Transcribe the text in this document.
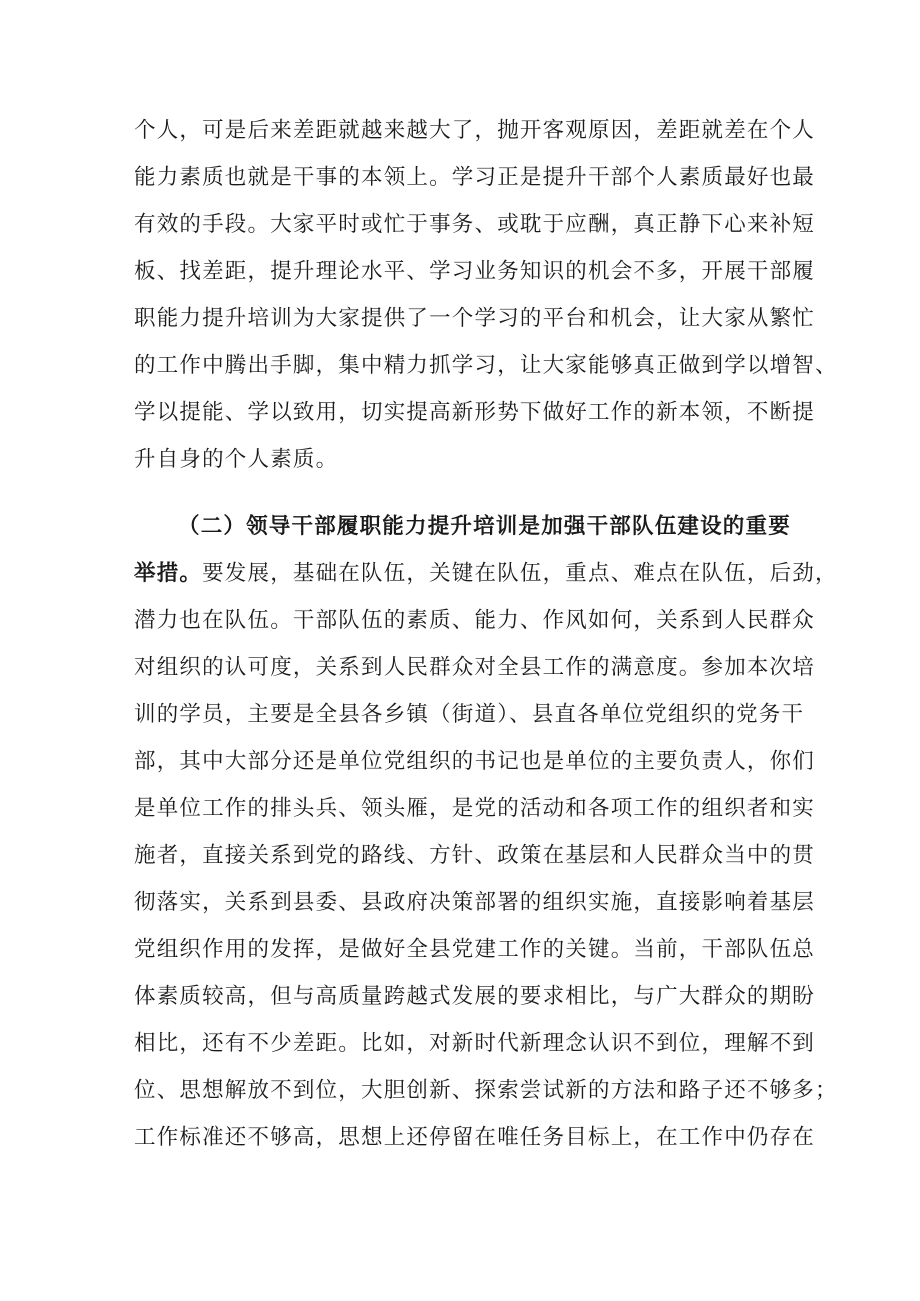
个人，可是后来差距就越来越大了，抛开客观原因，差距就差在个人
能力素质也就是干事的本领上。学习正是提升干部个人素质最好也最
有效的手段。大家平时或忙于事务、或耽于应酬，真正静下心来补短
板、找差距，提升理论水平、学习业务知识的机会不多，开展干部履
职能力提升培训为大家提供了一个学习的平台和机会，让大家从繁忙
的工作中腾出手脚，集中精力抓学习，让大家能够真正做到学以增智、
学以提能、学以致用，切实提高新形势下做好工作的新本领，不断提
升自身的个人素质。
（二）领导干部履职能力提升培训是加强干部队伍建设的重要
举措。要发展，基础在队伍，关键在队伍，重点、难点在队伍，后劲，
潜力也在队伍。干部队伍的素质、能力、作风如何，关系到人民群众
对组织的认可度，关系到人民群众对全县工作的满意度。参加本次培
训的学员，主要是全县各乡镇（街道）、县直各单位党组织的党务干
部，其中大部分还是单位党组织的书记也是单位的主要负责人，你们
是单位工作的排头兵、领头雁，是党的活动和各项工作的组织者和实
施者，直接关系到党的路线、方针、政策在基层和人民群众当中的贯
彻落实，关系到县委、县政府决策部署的组织实施，直接影响着基层
党组织作用的发挥，是做好全县党建工作的关键。当前，干部队伍总
体素质较高，但与高质量跨越式发展的要求相比，与广大群众的期盼
相比，还有不少差距。比如，对新时代新理念认识不到位，理解不到
位、思想解放不到位，大胆创新、探索尝试新的方法和路子还不够多；
工作标准还不够高，思想上还停留在唯任务目标上，在工作中仍存在
